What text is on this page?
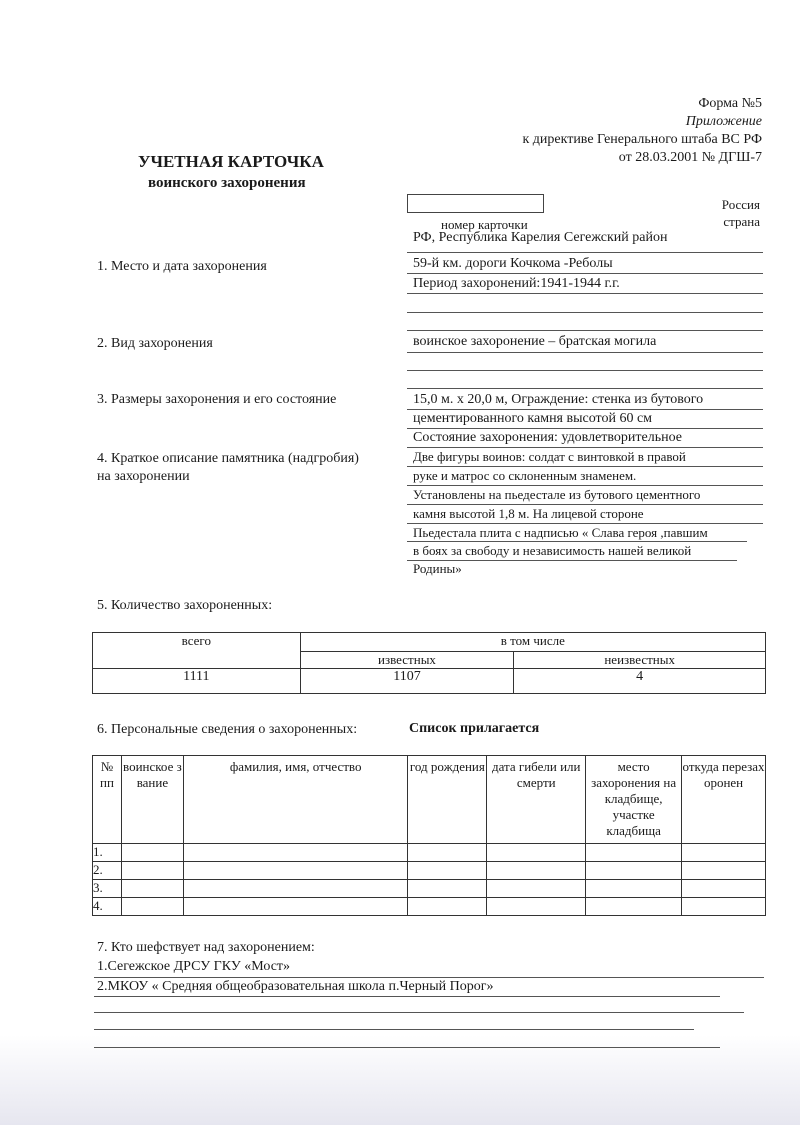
Форма №5
Приложение
к директиве Генерального штаба ВС РФ
от 28.03.2001 № ДГШ-7
УЧЕТНАЯ КАРТОЧКА
воинского захоронения
номер карточки
Россия
страна
1. Место и дата захоронения
РФ, Республика Карелия Сегежский район
59-й км. дороги Кочкома -Реболы
Период захоронений:1941-1944 г.г.
2. Вид захоронения	воинское захоронение – братская могила
3. Размеры захоронения и его состояние	15,0 м. х 20,0 м, Ограждение: стенка из бутового
цементированного камня высотой 60 см
Состояние захоронения: удовлетворительное
4. Краткое описание памятника (надгробия)
на захоронении
Две фигуры воинов: солдат с винтовкой в правой
руке и матрос со склоненным знаменем.
Установлены на пьедестале из бутового цементного
камня высотой 1,8 м. На лицевой стороне
Пьедестала плита с надписью « Слава героя ,павшим
в боях за свободу и независимость нашей великой
Родины»
5. Количество захороненных:
всего	в том числе	
	известных	неизвестных
1111	1107	4
6. Персональные сведения о захороненных:	Список прилагается
№ пп	воинское звание	фамилия, имя, отчество	год рождения	дата гибели или смерти	место захоронения на кладбище, участке кладбища	откуда перезахоронен
1.						
2.						
3.						
4.						
7. Кто шефствует над захоронением:
1.Сегежское ДРСУ ГКУ «Мост»
2.МКОУ « Средняя общеобразовательная школа п.Черный Порог»
